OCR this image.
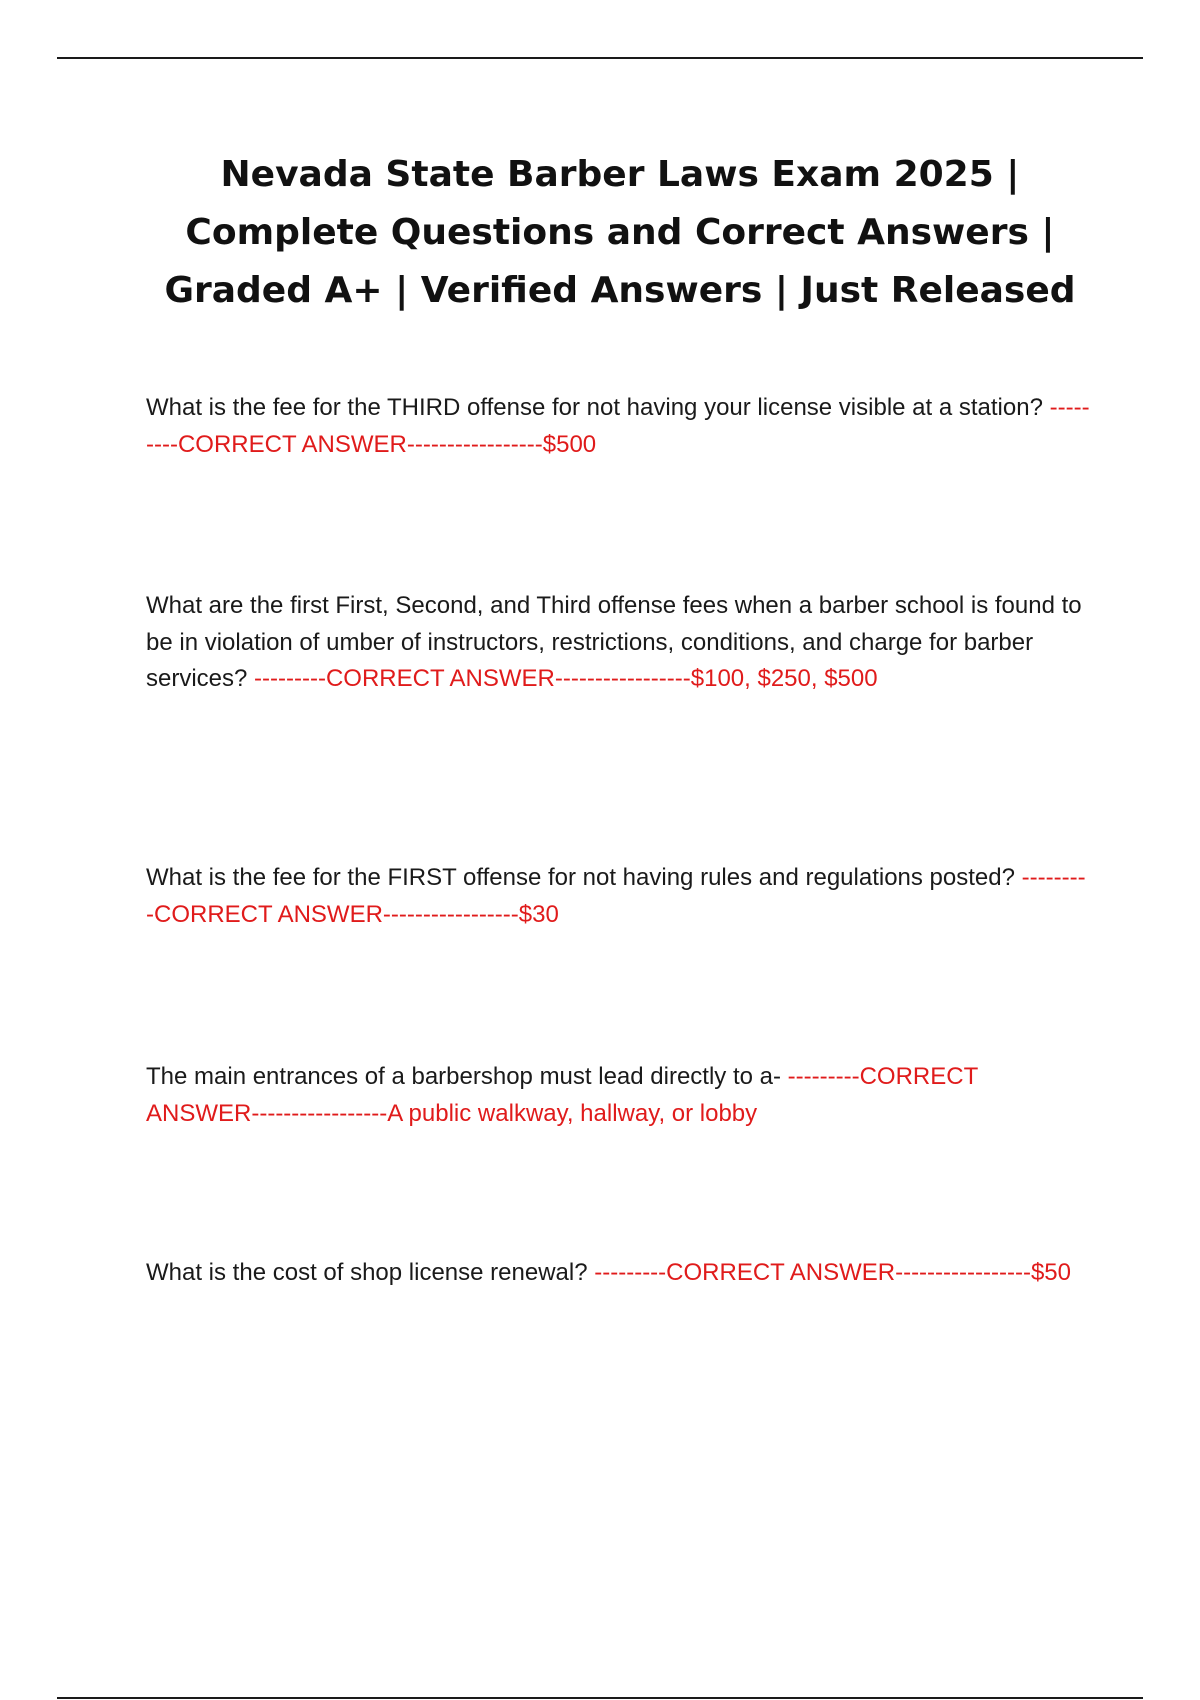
Nevada State Barber Laws Exam 2025 | Complete Questions and Correct Answers | Graded A+ | Verified Answers | Just Released

What is the fee for the THIRD offense for not having your license visible at a station? ---------CORRECT ANSWER-----------------$500

What are the first First, Second, and Third offense fees when a barber school is found to be in violation of umber of instructors, restrictions, conditions, and charge for barber services? ---------CORRECT ANSWER-----------------$100, $250, $500

What is the fee for the FIRST offense for not having rules and regulations posted? ---------CORRECT ANSWER-----------------$30

The main entrances of a barbershop must lead directly to a- ---------CORRECT ANSWER-----------------A public walkway, hallway, or lobby

What is the cost of shop license renewal? ---------CORRECT ANSWER-----------------$50
